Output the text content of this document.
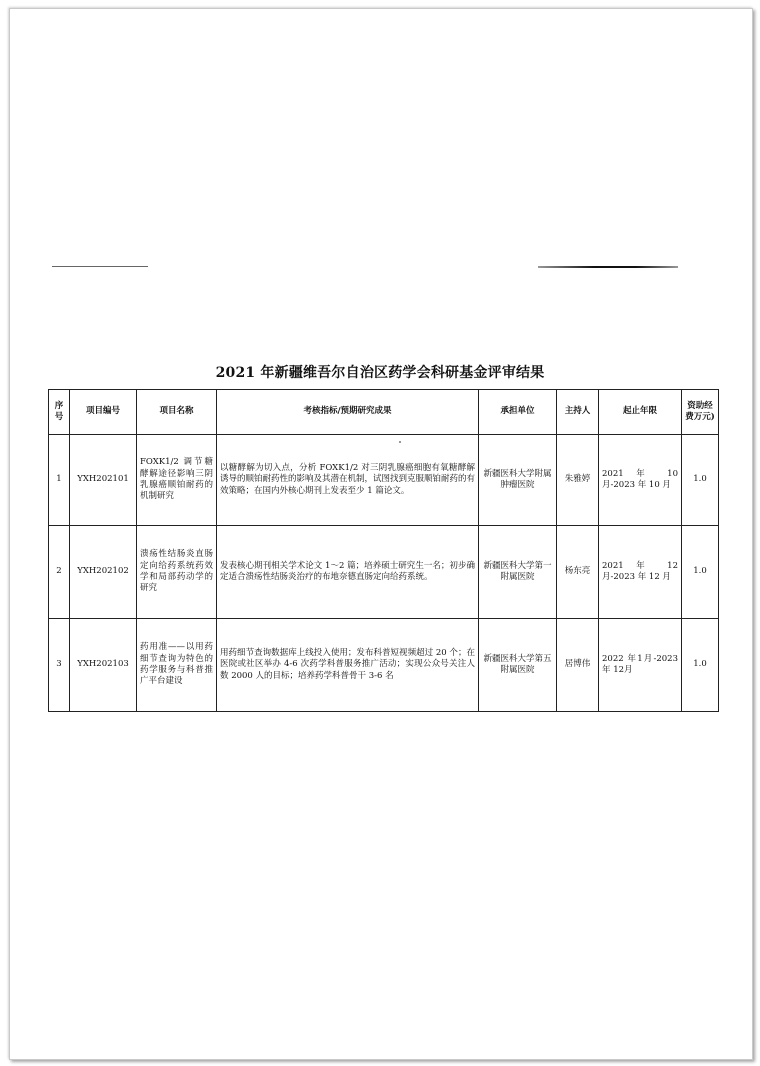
2021 年新疆维吾尔自治区药学会科研基金评审结果
序号	项目编号	项目名称	考核指标/预期研究成果	承担单位	主持人	起止年限	资助经费万元)
1	YXH202101	FOXK1/2 调节糖酵解途径影响三阴乳腺癌顺铂耐药的机制研究	以糖酵解为切入点，分析 FOXK1/2 对三阴乳腺癌细胞有氧糖酵解诱导的顺铂耐药性的影响及其潜在机制，试图找到克服顺铂耐药的有效策略；在国内外核心期刊上发表至少 1 篇论文。	新疆医科大学附属肿瘤医院	朱雅婷	2021 年 10 月-2023 年 10 月	1.0
2	YXH202102	溃疡性结肠炎直肠定向给药系统药效学和局部药动学的研究	发表核心期刊相关学术论文 1～2 篇；培养硕士研究生一名；初步确定适合溃疡性结肠炎治疗的布地奈德直肠定向给药系统。	新疆医科大学第一附属医院	杨东亮	2021 年 12 月-2023 年 12 月	1.0
3	YXH202103	药用准——以用药细节查询为特色的药学服务与科普推广平台建设	用药细节查询数据库上线投入使用；发布科普短视频超过 20 个；在医院或社区举办 4-6 次药学科普服务推广活动；实现公众号关注人数 2000 人的目标；培养药学科普骨干 3-6 名	新疆医科大学第五附属医院	居博伟	2022 年1月-2023 年 12月	1.0
